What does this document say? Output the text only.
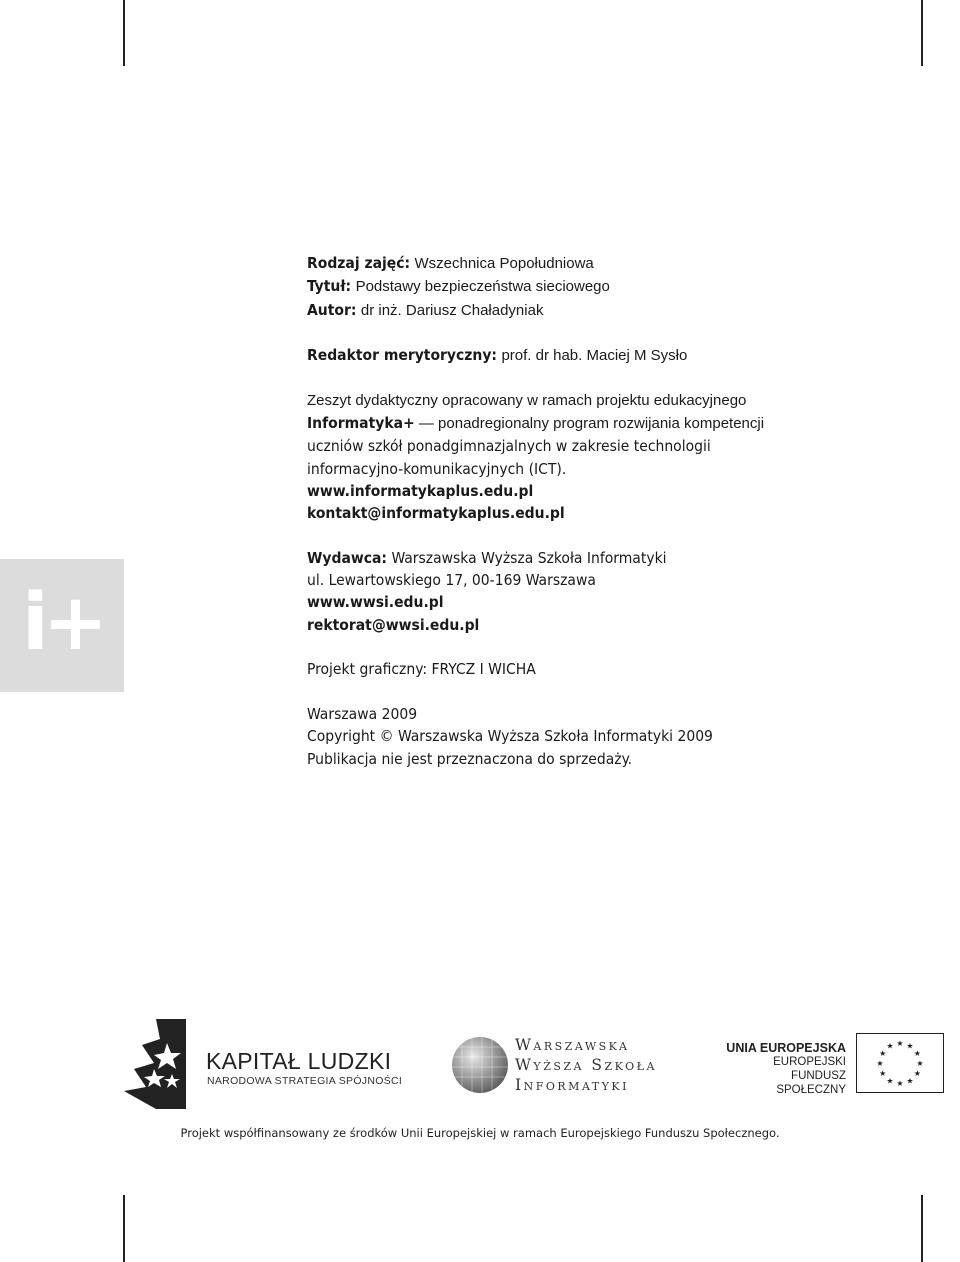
i+

Rodzaj zajęć: Wszechnica Popołudniowa

Tytuł: Podstawy bezpieczeństwa sieciowego

Autor: dr inż. Dariusz Chaładyniak

Redaktor merytoryczny: prof. dr hab. Maciej M Sysło

Zeszyt dydaktyczny opracowany w ramach projektu edukacyjnego

Informatyka+ — ponadregionalny program rozwijania kompetencji

uczniów szkół ponadgimnazjalnych w zakresie technologii

informacyjno-komunikacyjnych (ICT).

www.informatykaplus.edu.pl

kontakt@informatykaplus.edu.pl

Wydawca: Warszawska Wyższa Szkoła Informatyki

ul. Lewartowskiego 17, 00-169 Warszawa

www.wwsi.edu.pl

rektorat@wwsi.edu.pl

Projekt graficzny: FRYCZ I WICHA

Warszawa 2009

Copyright © Warszawska Wyższa Szkoła Informatyki 2009

Publikacja nie jest przeznaczona do sprzedaży.

KAPITAŁ LUDZKI
NARODOWA STRATEGIA SPÓJNOŚCI
Warszawska
Wyższa Szkoła
Informatyki
UNIA EUROPEJSKA
EUROPEJSKI
FUNDUSZ SPOŁECZNY
★ ★
★
★
★
★
★
★
★
★
★
★
Projekt współfinansowany ze środków Unii Europejskiej w ramach Europejskiego Funduszu Społecznego.
